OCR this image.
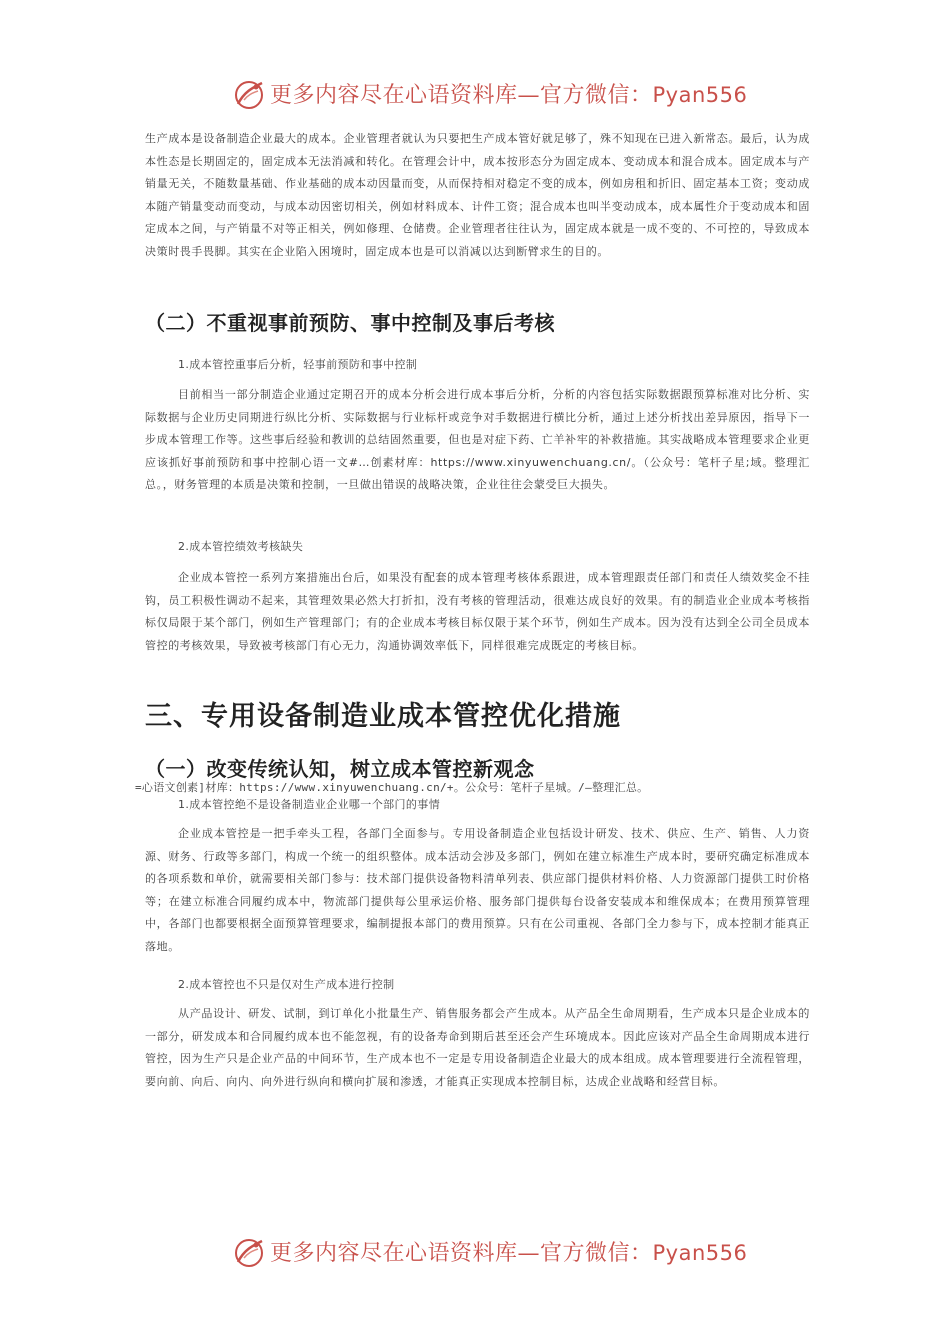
更多内容尽在心语资料库—官方微信：Pyan556
生产成本是设备制造企业最大的成本。企业管理者就认为只要把生产成本管好就足够了，殊不知现在已进入新常态。最后，认为成本性态是长期固定的，固定成本无法消减和转化。在管理会计中，成本按形态分为固定成本、变动成本和混合成本。固定成本与产销量无关，不随数量基础、作业基础的成本动因量而变，从而保持相对稳定不变的成本，例如房租和折旧、固定基本工资；变动成本随产销量变动而变动，与成本动因密切相关，例如材料成本、计件工资；混合成本也叫半变动成本，成本属性介于变动成本和固定成本之间，与产销量不对等正相关，例如修理、仓储费。企业管理者往往认为，固定成本就是一成不变的、不可控的，导致成本决策时畏手畏脚。其实在企业陷入困境时，固定成本也是可以消减以达到断臂求生的目的。
（二）不重视事前预防、事中控制及事后考核
1.成本管控重事后分析，轻事前预防和事中控制
目前相当一部分制造企业通过定期召开的成本分析会进行成本事后分析，分析的内容包括实际数据跟预算标准对比分析、实际数据与企业历史同期进行纵比分析、实际数据与行业标杆或竞争对手数据进行横比分析，通过上述分析找出差异原因，指导下一步成本管理工作等。这些事后经验和教训的总结固然重要，但也是对症下药、亡羊补牢的补救措施。其实战略成本管理要求企业更应该抓好事前预防和事中控制心语一文#…创素材库：https://www.xinyuwenchuang.cn/。（公众号：笔杆子星;域。整理汇总。，财务管理的本质是决策和控制，一旦做出错误的战略决策，企业往往会蒙受巨大损失。
2.成本管控绩效考核缺失
企业成本管控一系列方案措施出台后，如果没有配套的成本管理考核体系跟进，成本管理跟责任部门和责任人绩效奖金不挂钩，员工积极性调动不起来，其管理效果必然大打折扣，没有考核的管理活动，很难达成良好的效果。有的制造业企业成本考核指标仅局限于某个部门，例如生产管理部门；有的企业成本考核目标仅限于某个环节，例如生产成本。因为没有达到全公司全员成本管控的考核效果，导致被考核部门有心无力，沟通协调效率低下，同样很难完成既定的考核目标。
三、专用设备制造业成本管控优化措施
（一）改变传统认知，树立成本管控新观念
=心语文创素]材库：https://www.xinyuwenchuang.cn/+。公众号：笔杆子星城。/—整理汇总。
1.成本管控绝不是设备制造业企业哪一个部门的事情
企业成本管控是一把手牵头工程，各部门全面参与。专用设备制造企业包括设计研发、技术、供应、生产、销售、人力资源、财务、行政等多部门，构成一个统一的组织整体。成本活动会涉及多部门，例如在建立标准生产成本时，要研究确定标准成本的各项系数和单价，就需要相关部门参与：技术部门提供设备物料清单列表、供应部门提供材料价格、人力资源部门提供工时价格等；在建立标准合同履约成本中，物流部门提供每公里承运价格、服务部门提供每台设备安装成本和维保成本；在费用预算管理中，各部门也都要根据全面预算管理要求，编制提报本部门的费用预算。只有在公司重视、各部门全力参与下，成本控制才能真正落地。
2.成本管控也不只是仅对生产成本进行控制
从产品设计、研发、试制，到订单化小批量生产、销售服务都会产生成本。从产品全生命周期看，生产成本只是企业成本的一部分，研发成本和合同履约成本也不能忽视，有的设备寿命到期后甚至还会产生环境成本。因此应该对产品全生命周期成本进行管控，因为生产只是企业产品的中间环节，生产成本也不一定是专用设备制造企业最大的成本组成。成本管理要进行全流程管理，要向前、向后、向内、向外进行纵向和横向扩展和渗透，才能真正实现成本控制目标，达成企业战略和经营目标。
更多内容尽在心语资料库—官方微信：Pyan556
